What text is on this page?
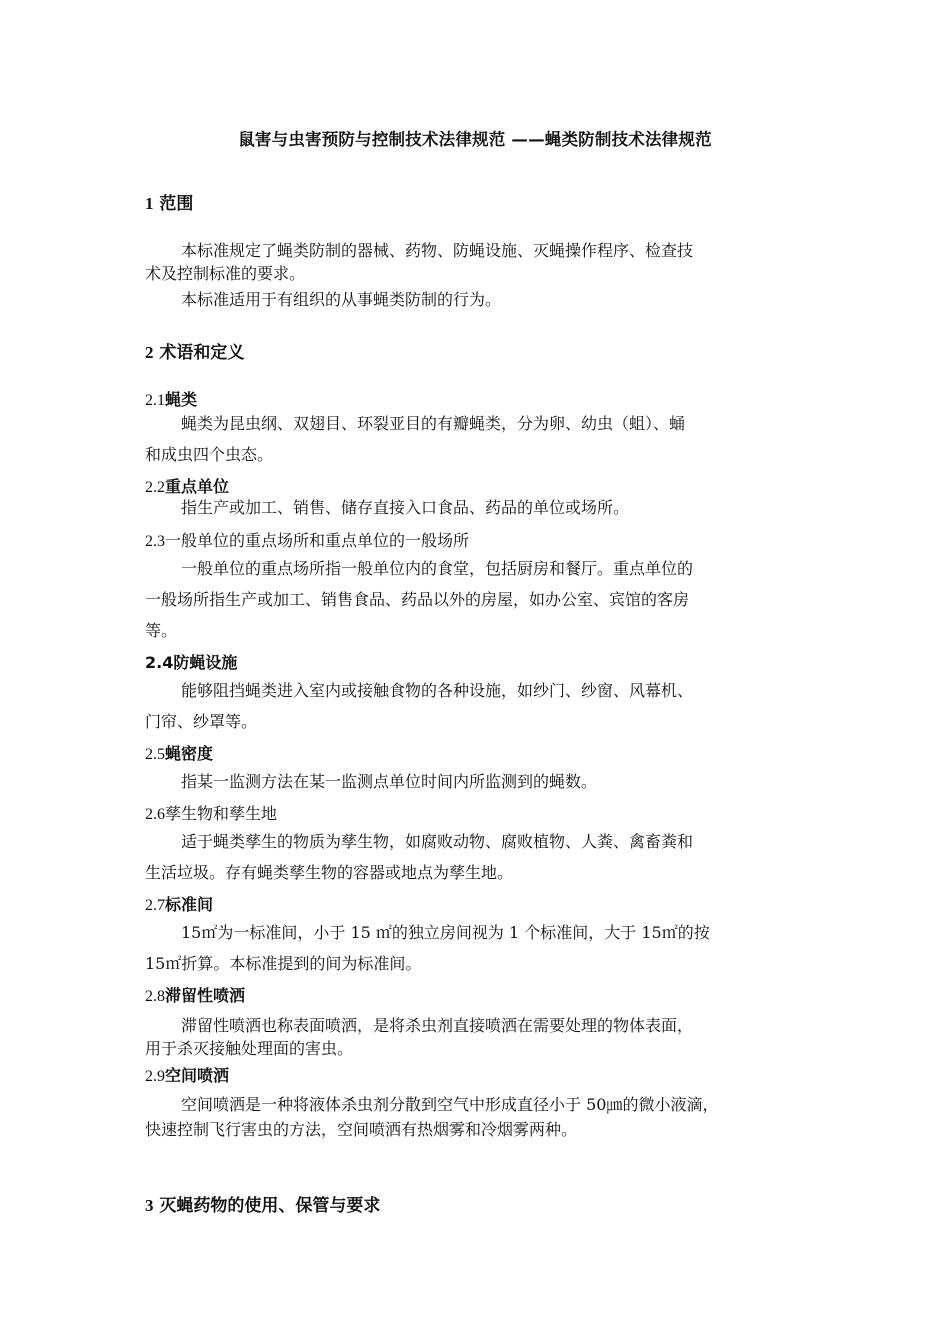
鼠害与虫害预防与控制技术法律规范 ——蝇类防制技术法律规范
1 范围
本标准规定了蝇类防制的器械、药物、防蝇设施、灭蝇操作程序、检查技
术及控制标准的要求。
本标准适用于有组织的从事蝇类防制的行为。
2 术语和定义
2.1蝇类
蝇类为昆虫纲、双翅目、环裂亚目的有瓣蝇类，分为卵、幼虫（蛆）、蛹
和成虫四个虫态。
2.2重点单位
指生产或加工、销售、储存直接入口食品、药品的单位或场所。
2.3一般单位的重点场所和重点单位的一般场所
一般单位的重点场所指一般单位内的食堂，包括厨房和餐厅。重点单位的
一般场所指生产或加工、销售食品、药品以外的房屋，如办公室、宾馆的客房
等。
2.4防蝇设施
能够阻挡蝇类进入室内或接触食物的各种设施，如纱门、纱窗、风幕机、
门帘、纱罩等。
2.5蝇密度
指某一监测方法在某一监测点单位时间内所监测到的蝇数。
2.6孳生物和孳生地
适于蝇类孳生的物质为孳生物，如腐败动物、腐败植物、人粪、禽畜粪和
生活垃圾。存有蝇类孳生物的容器或地点为孳生地。
2.7标准间
15㎡为一标准间，小于 15 ㎡的独立房间视为 1 个标准间，大于 15㎡的按
15㎡折算。本标准提到的间为标准间。
2.8滞留性喷洒
滞留性喷洒也称表面喷洒，是将杀虫剂直接喷洒在需要处理的物体表面，
用于杀灭接触处理面的害虫。
2.9空间喷洒
空间喷洒是一种将液体杀虫剂分散到空气中形成直径小于 50㎛的微小液滴，
快速控制飞行害虫的方法，空间喷洒有热烟雾和冷烟雾两种。
3 灭蝇药物的使用、保管与要求
